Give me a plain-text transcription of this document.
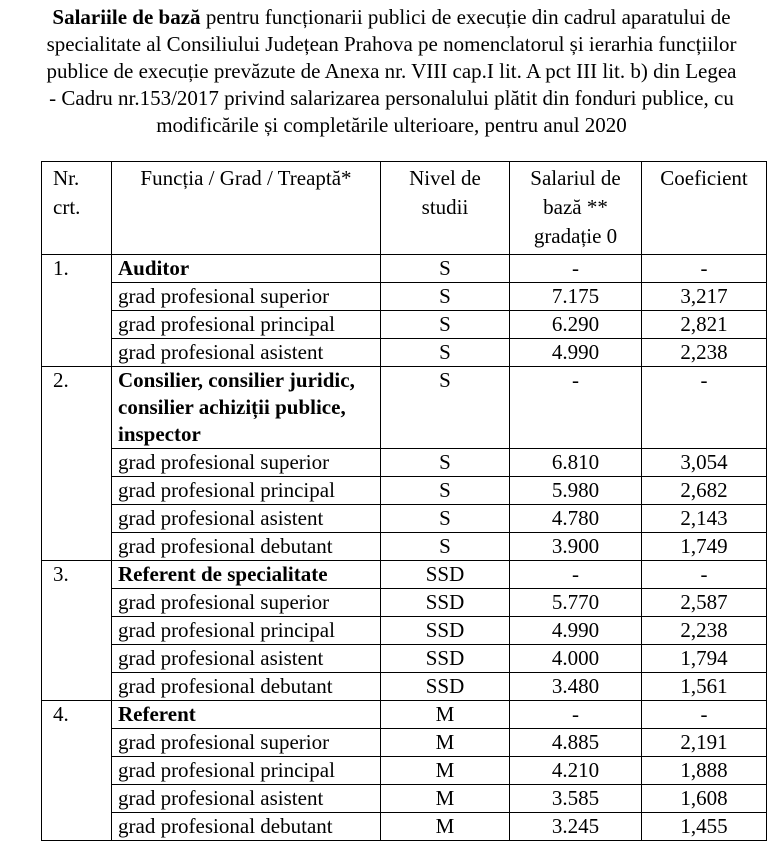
Salariile de bază pentru funcționarii publici de execuție din cadrul aparatului de
specialitate al Consiliului Județean Prahova pe nomenclatorul și ierarhia funcțiilor
publice de execuție prevăzute de Anexa nr. VIII cap.I lit. A pct III lit. b) din Legea
- Cadru nr.153/2017 privind salarizarea personalului plătit din fonduri publice, cu
modificările și completările ulterioare, pentru anul 2020
Nr.
crt.	Funcția / Grad / Treaptă*	Nivel de
studii	Salariul de
bază **
gradație 0	Coeficient
1.	Auditor	S	-	-
	grad profesional superior	S	7.175	3,217
	grad profesional principal	S	6.290	2,821
	grad profesional asistent	S	4.990	2,238
2.	Consilier, consilier juridic, consilier achiziții publice, inspector	S	-	-
	grad profesional superior	S	6.810	3,054
	grad profesional principal	S	5.980	2,682
	grad profesional asistent	S	4.780	2,143
	grad profesional debutant	S	3.900	1,749
3.	Referent de specialitate	SSD	-	-
	grad profesional superior	SSD	5.770	2,587
	grad profesional principal	SSD	4.990	2,238
	grad profesional asistent	SSD	4.000	1,794
	grad profesional debutant	SSD	3.480	1,561
4.	Referent	M	-	-
	grad profesional superior	M	4.885	2,191
	grad profesional principal	M	4.210	1,888
	grad profesional asistent	M	3.585	1,608
	grad profesional debutant	M	3.245	1,455
